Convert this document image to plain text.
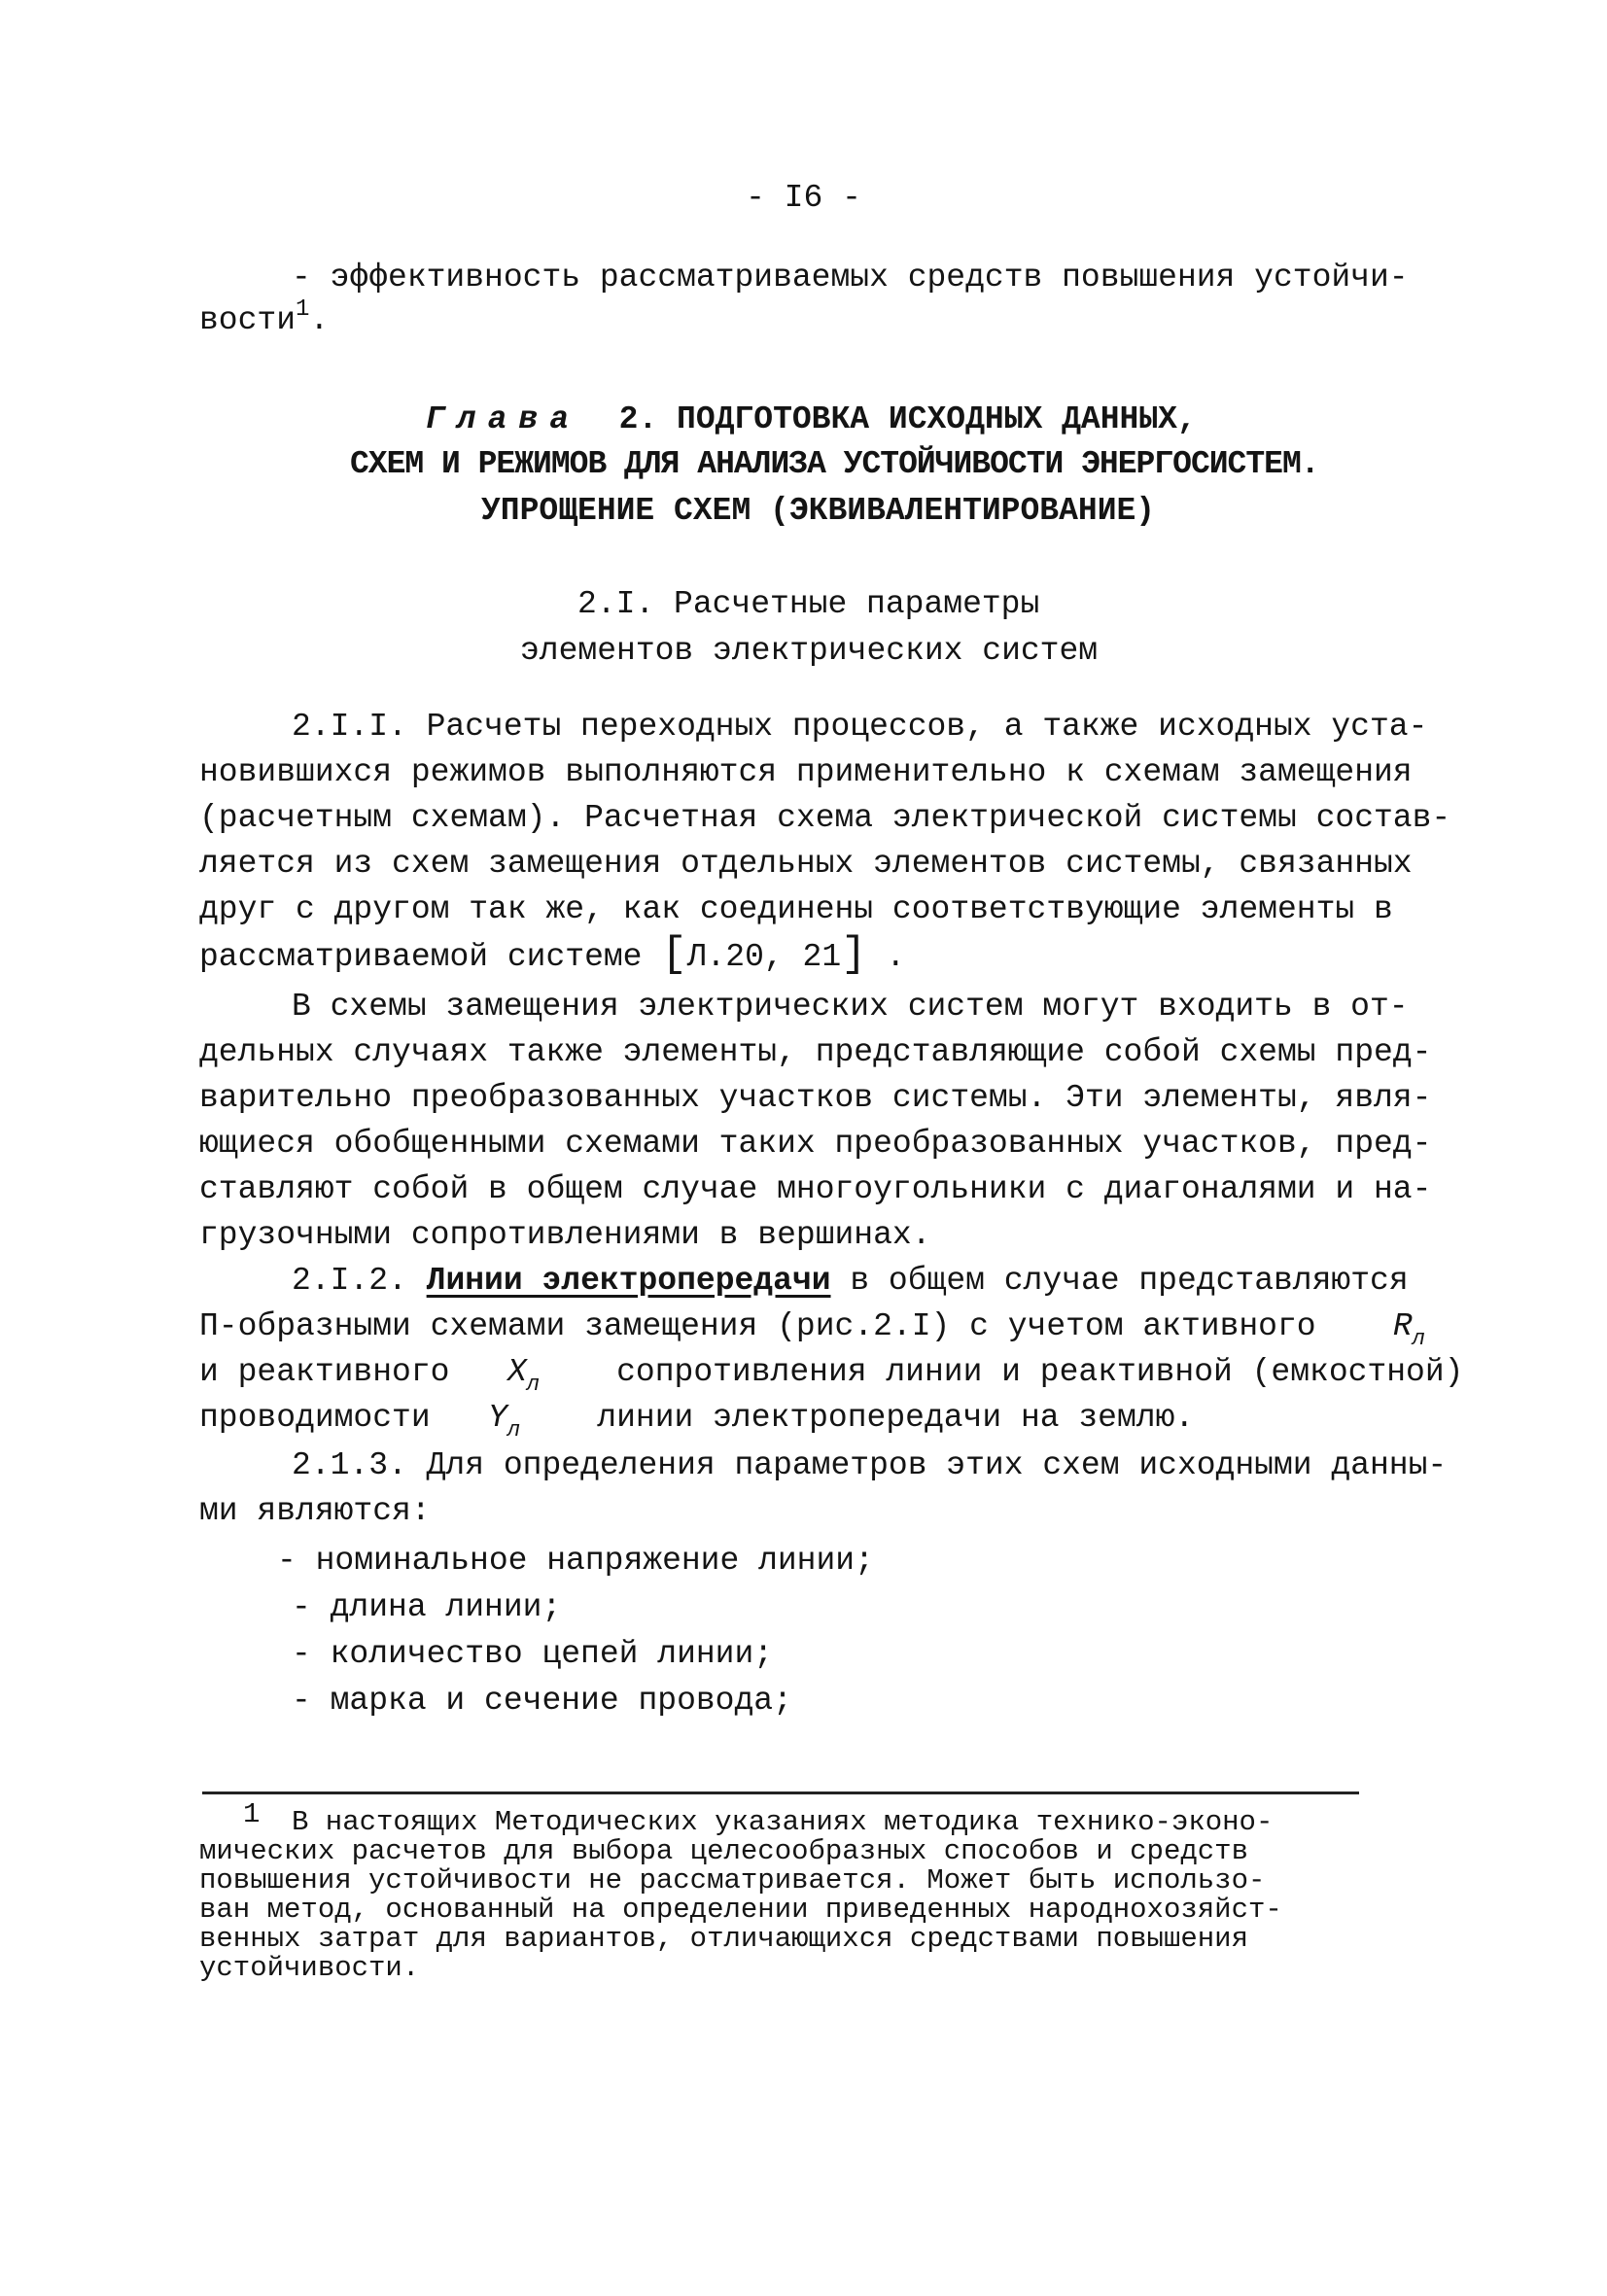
- I6 -

- эффективность рассматриваемых средств повышения устойчи-

вости$^1$.

Глава 2. ПОДГОТОВКА ИСХОДНЫХ ДАННЫХ,

СХЕМ И РЕЖИМОВ ДЛЯ АНАЛИЗА УСТОЙЧИВОСТИ ЭНЕРГОСИСТЕМ.

УПРОЩЕНИЕ СХЕМ (ЭКВИВАЛЕНТИРОВАНИЕ)

2.I. Расчетные параметры

элементов электрических систем

2.I.I. Расчеты переходных процессов, а также исходных уста-

новившихся режимов выполняются применительно к схемам замещения

(расчетным схемам). Расчетная схема электрической системы состав-

ляется из схем замещения отдельных элементов системы, связанных

друг с другом так же, как соединены соответствующие элементы в

рассматриваемой системе [Л.20, 21] .

В схемы замещения электрических систем могут входить в от-

дельных случаях также элементы, представляющие собой схемы пред-

варительно преобразованных участков системы. Эти элементы, явля-

ющиеся обобщенными схемами таких преобразованных участков, пред-

ставляют собой в общем случае многоугольники с диагоналями и на-

грузочными сопротивлениями в вершинах.

2.I.2. Линии электропередачи в общем случае представляются

П-образными схемами замещения (рис.2.I) с учетом активного $R_л$

и реактивного $X_л$ сопротивления линии и реактивной (емкостной)

проводимости $Y_л$ линии электропередачи на землю.

2.1.3. Для определения параметров этих схем исходными данны-

ми являются:

- номинальное напряжение линии;

- длина линии;

- количество цепей линии;

- марка и сечение провода;

1 В настоящих Методических указаниях методика технико-эконо-

мических расчетов для выбора целесообразных способов и средств

повышения устойчивости не рассматривается. Может быть использо-

ван метод, основанный на определении приведенных народнохозяйст-

венных затрат для вариантов, отличающихся средствами повышения

устойчивости.
